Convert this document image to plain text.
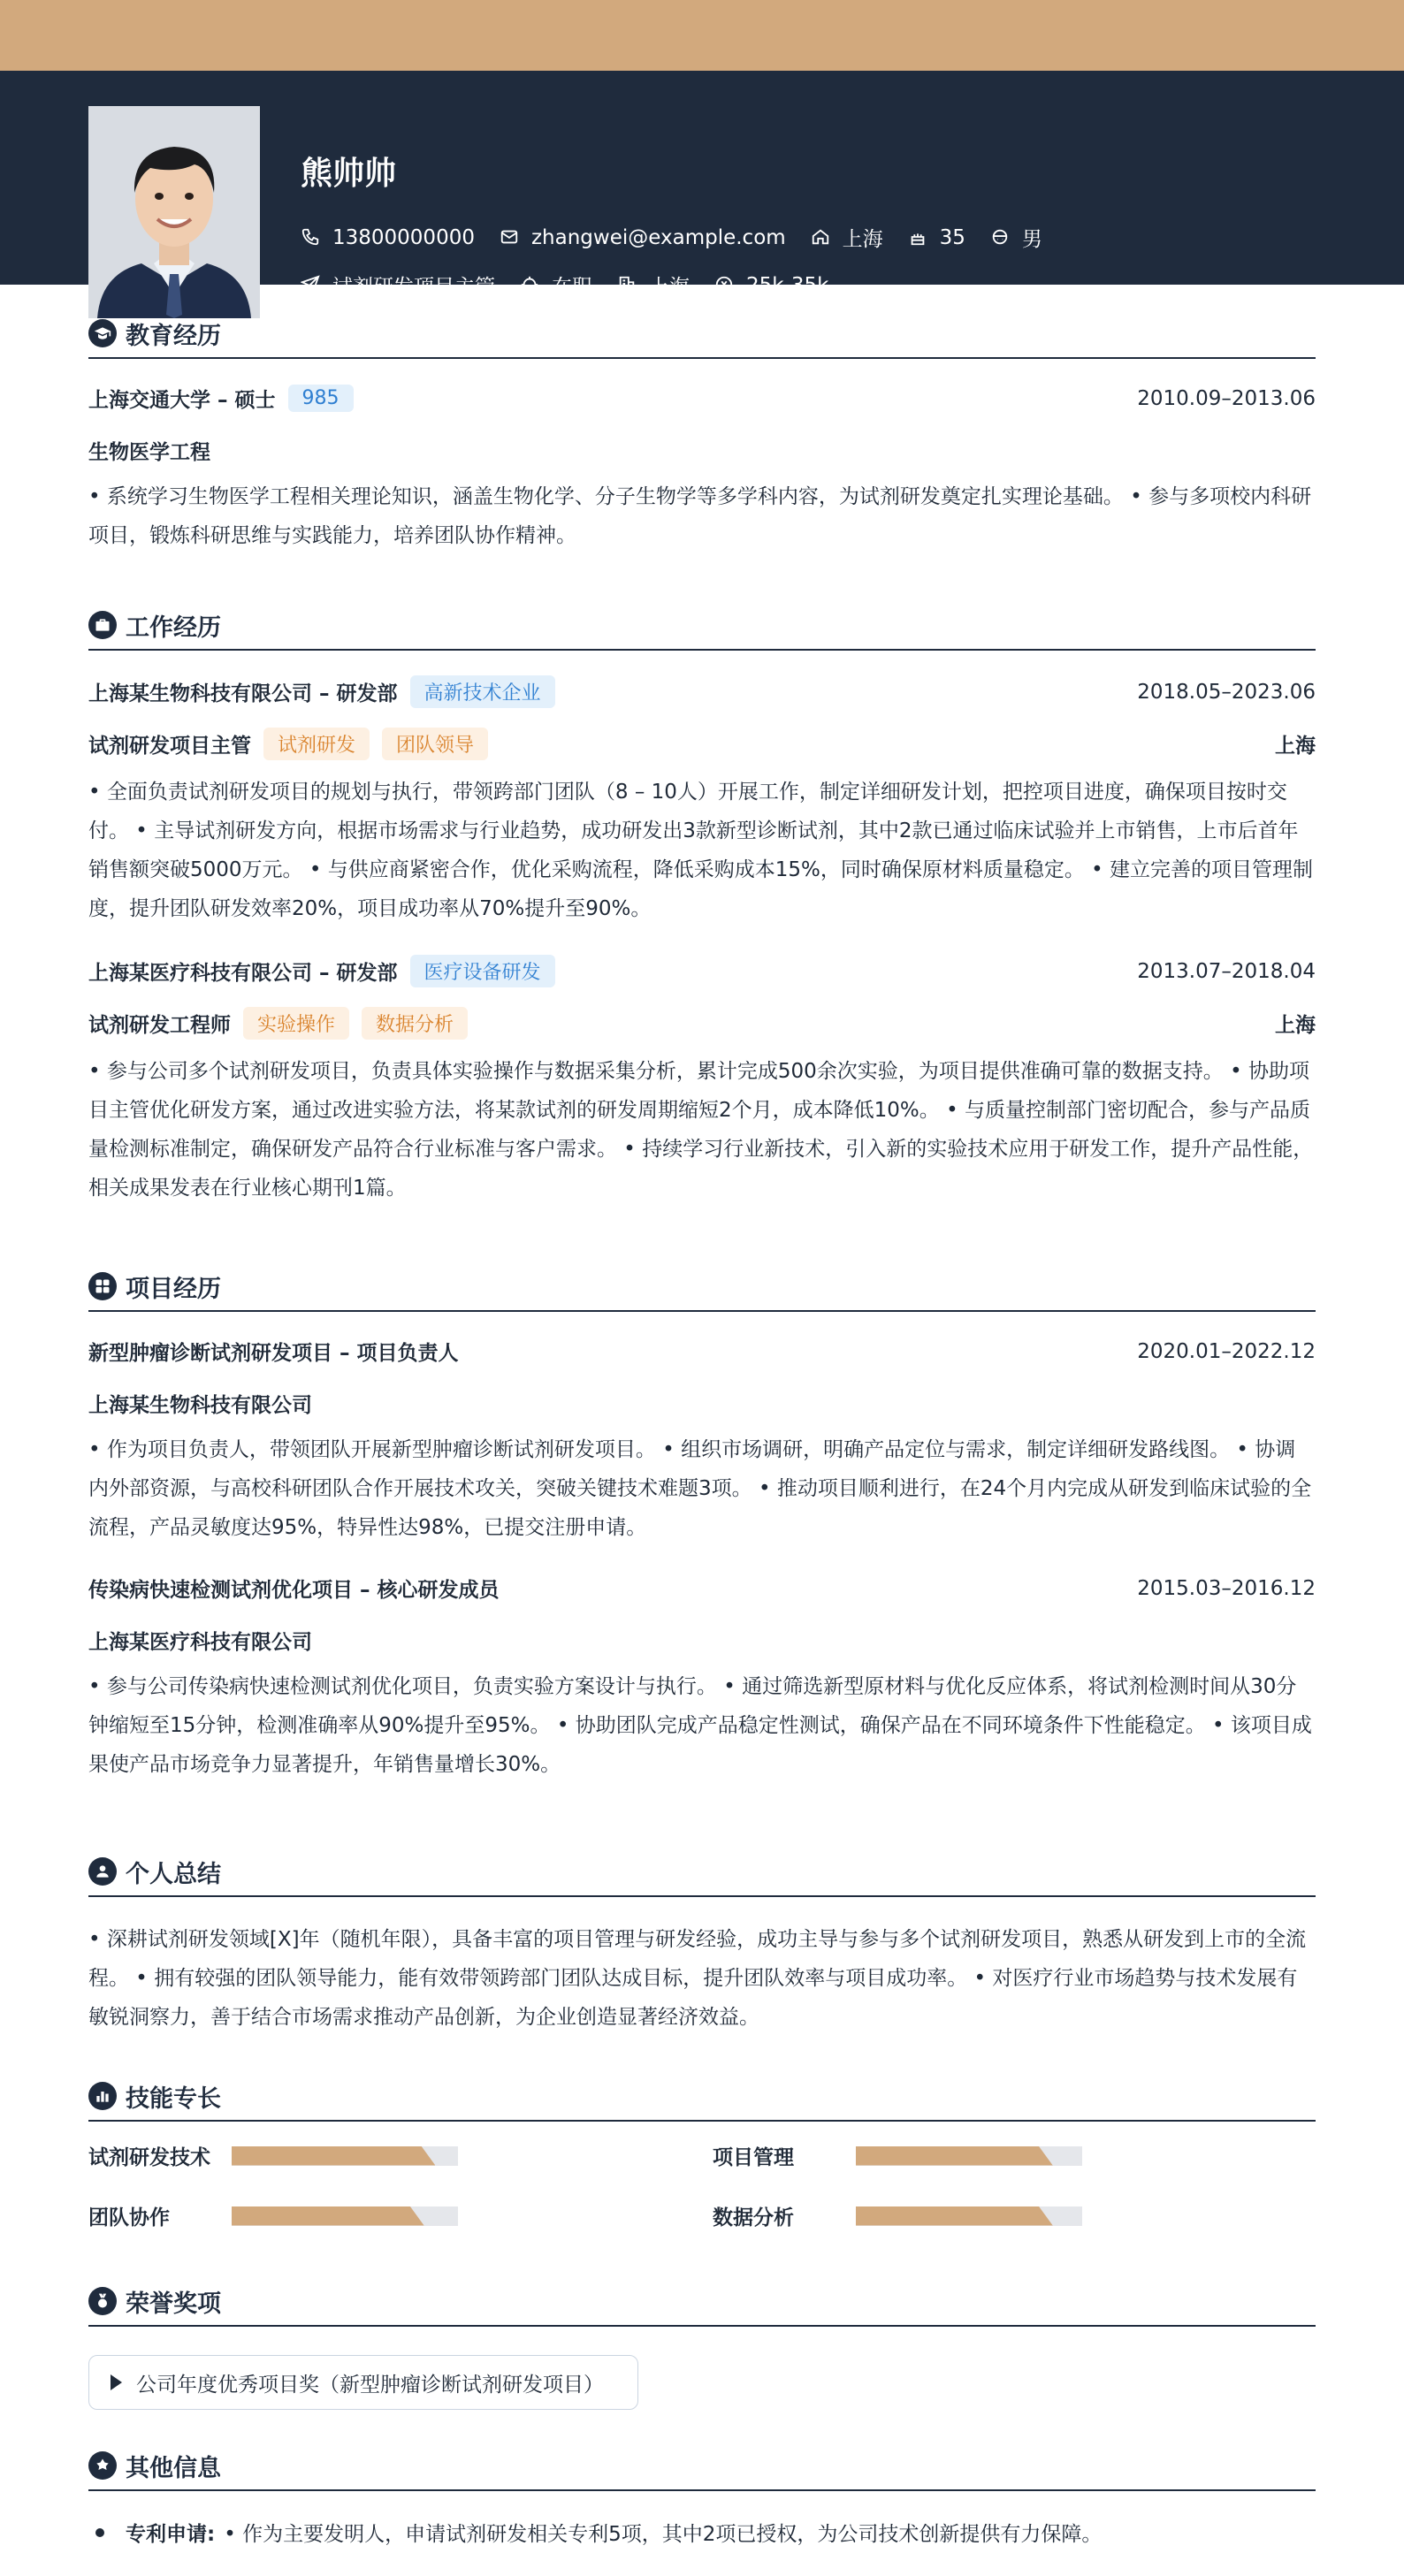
熊帅帅
13800000000	zhangwei@example.com	上海	35	男
试剂研发项目主管	在职	上海	25k-35k
教育经历
上海交通大学 – 硕士	985	2010.09–2013.06
生物医学工程
• 系统学习生物医学工程相关理论知识，涵盖生物化学、分子生物学等多学科内容，为试剂研发奠定扎实理论基础。 • 参与多项校内科研项目，锻炼科研思维与实践能力，培养团队协作精神。
工作经历
上海某生物科技有限公司 – 研发部	高新技术企业	2018.05–2023.06
试剂研发项目主管	试剂研发	团队领导	上海
• 全面负责试剂研发项目的规划与执行，带领跨部门团队（8 – 10人）开展工作，制定详细研发计划，把控项目进度，确保项目按时交付。 • 主导试剂研发方向，根据市场需求与行业趋势，成功研发出3款新型诊断试剂，其中2款已通过临床试验并上市销售，上市后首年销售额突破5000万元。 • 与供应商紧密合作，优化采购流程，降低采购成本15%，同时确保原材料质量稳定。 • 建立完善的项目管理制度，提升团队研发效率20%，项目成功率从70%提升至90%。
上海某医疗科技有限公司 – 研发部	医疗设备研发	2013.07–2018.04
试剂研发工程师	实验操作	数据分析	上海
• 参与公司多个试剂研发项目，负责具体实验操作与数据采集分析，累计完成500余次实验，为项目提供准确可靠的数据支持。 • 协助项目主管优化研发方案，通过改进实验方法，将某款试剂的研发周期缩短2个月，成本降低10%。 • 与质量控制部门密切配合，参与产品质量检测标准制定，确保研发产品符合行业标准与客户需求。 • 持续学习行业新技术，引入新的实验技术应用于研发工作，提升产品性能，相关成果发表在行业核心期刊1篇。
项目经历
新型肿瘤诊断试剂研发项目 – 项目负责人	2020.01–2022.12
上海某生物科技有限公司
• 作为项目负责人，带领团队开展新型肿瘤诊断试剂研发项目。 • 组织市场调研，明确产品定位与需求，制定详细研发路线图。 • 协调内外部资源，与高校科研团队合作开展技术攻关，突破关键技术难题3项。 • 推动项目顺利进行，在24个月内完成从研发到临床试验的全流程，产品灵敏度达95%，特异性达98%，已提交注册申请。
传染病快速检测试剂优化项目 – 核心研发成员	2015.03–2016.12
上海某医疗科技有限公司
• 参与公司传染病快速检测试剂优化项目，负责实验方案设计与执行。 • 通过筛选新型原材料与优化反应体系，将试剂检测时间从30分钟缩短至15分钟，检测准确率从90%提升至95%。 • 协助团队完成产品稳定性测试，确保产品在不同环境条件下性能稳定。 • 该项目成果使产品市场竞争力显著提升，年销售量增长30%。
个人总结
• 深耕试剂研发领域[X]年（随机年限），具备丰富的项目管理与研发经验，成功主导与参与多个试剂研发项目，熟悉从研发到上市的全流程。 • 拥有较强的团队领导能力，能有效带领跨部门团队达成目标，提升团队效率与项目成功率。 • 对医疗行业市场趋势与技术发展有敏锐洞察力，善于结合市场需求推动产品创新，为企业创造显著经济效益。
技能专长
试剂研发技术	项目管理
团队协作	数据分析
荣誉奖项
公司年度优秀项目奖（新型肿瘤诊断试剂研发项目）
其他信息
专利申请: • 作为主要发明人，申请试剂研发相关专利5项，其中2项已授权，为公司技术创新提供有力保障。
